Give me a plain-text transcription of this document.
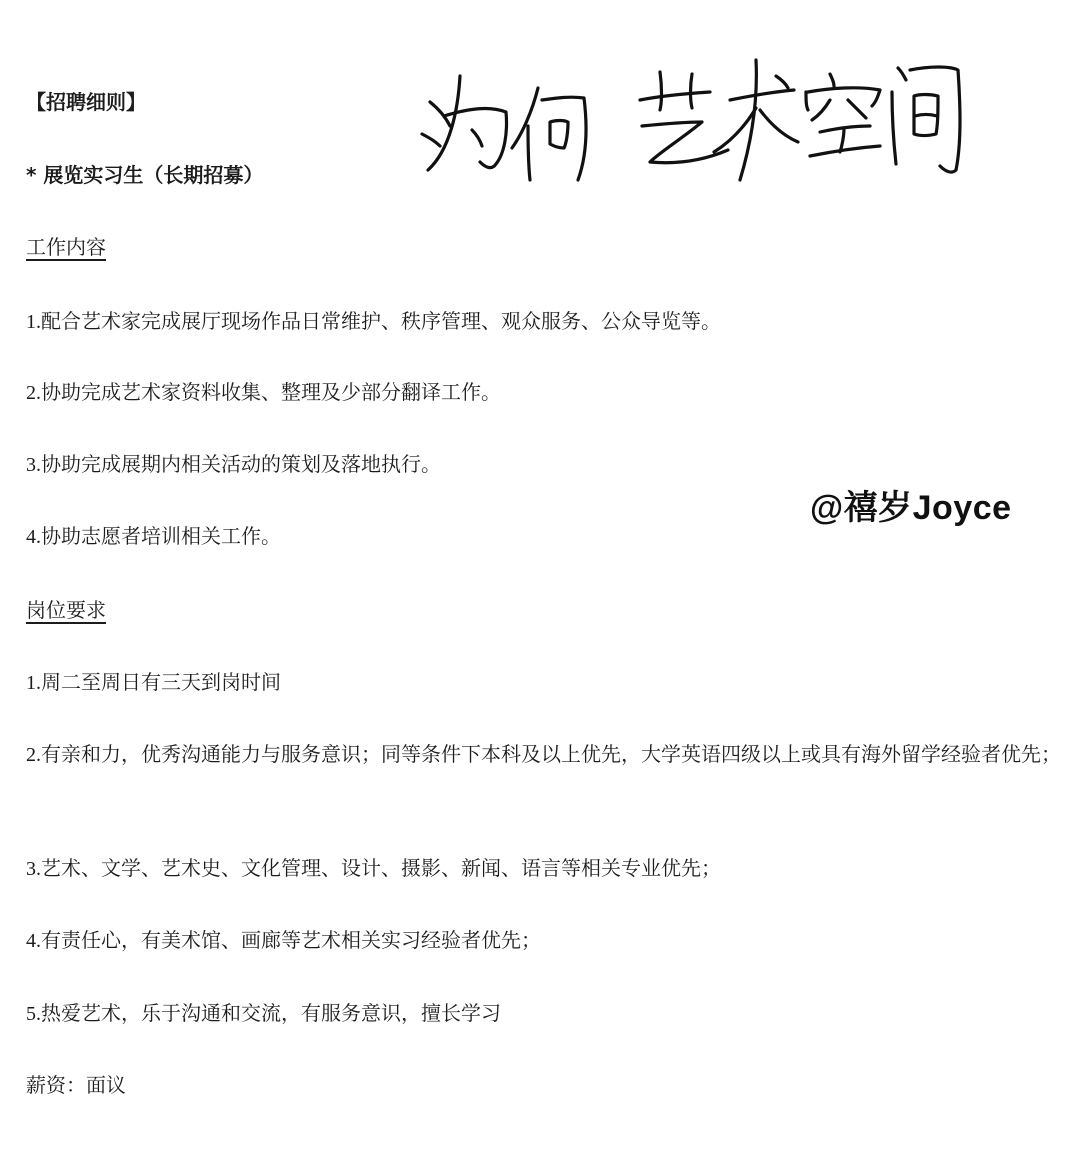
【招聘细则】
* 展览实习生（长期招募）
工作内容
1.配合艺术家完成展厅现场作品日常维护、秩序管理、观众服务、公众导览等。
2.协助完成艺术家资料收集、整理及少部分翻译工作。
3.协助完成展期内相关活动的策划及落地执行。
4.协助志愿者培训相关工作。
岗位要求
1.周二至周日有三天到岗时间
2.有亲和力，优秀沟通能力与服务意识；同等条件下本科及以上优先，大学英语四级以上或具有海外留学经验者优先；
3.艺术、文学、艺术史、文化管理、设计、摄影、新闻、语言等相关专业优先；
4.有责任心，有美术馆、画廊等艺术相关实习经验者优先；
5.热爱艺术，乐于沟通和交流，有服务意识，擅长学习
薪资：面议
@禧岁Joyce
